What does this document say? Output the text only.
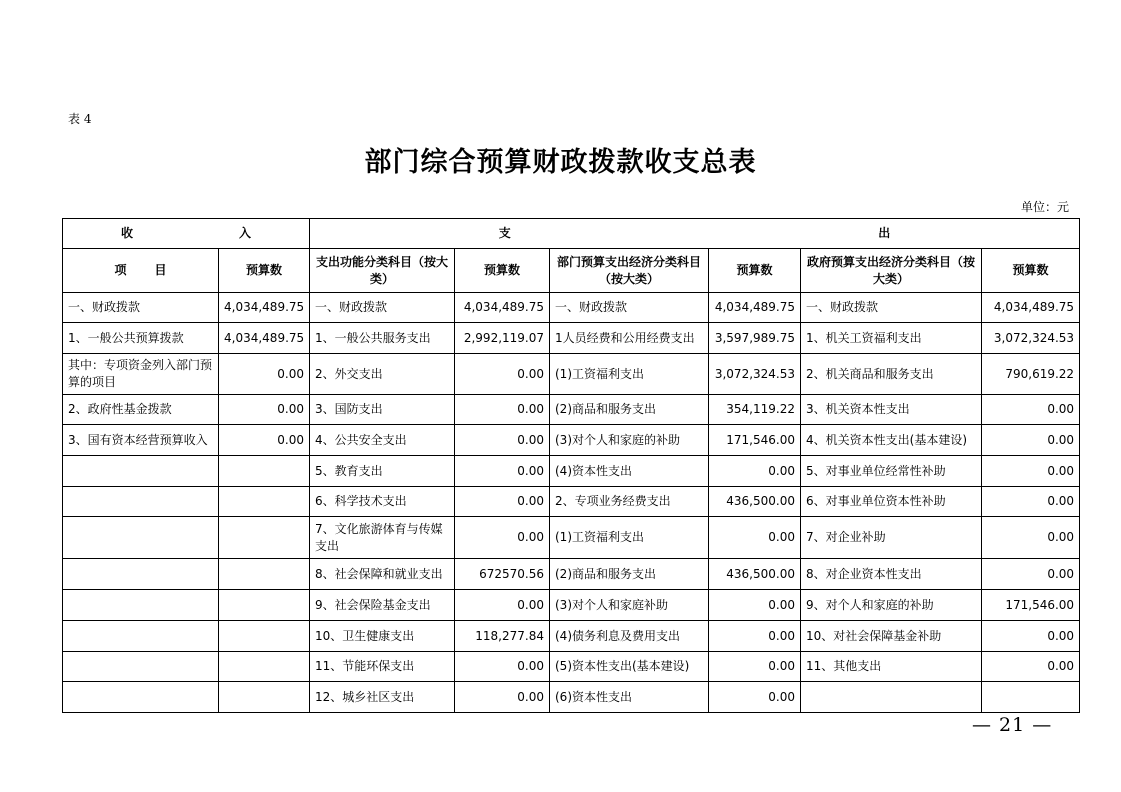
表 4
部门综合预算财政拨款收支总表
单位：元
收 入		支 出					

项 目	预算数	支出功能分类科目（按大类）	预算数	部门预算支出经济分类科目（按大类）	预算数	政府预算支出经济分类科目（按大类）	预算数
一、财政拨款	4,034,489.75	一、财政拨款	4,034,489.75	一、财政拨款	4,034,489.75	一、财政拨款	4,034,489.75
1、一般公共预算拨款	4,034,489.75	1、一般公共服务支出	2,992,119.07	1人员经费和公用经费支出	3,597,989.75	1、机关工资福利支出	3,072,324.53
其中：专项资金列入部门预算的项目	0.00	2、外交支出	0.00	(1)工资福利支出	3,072,324.53	2、机关商品和服务支出	790,619.22
2、政府性基金拨款	0.00	3、国防支出	0.00	(2)商品和服务支出	354,119.22	3、机关资本性支出	0.00
3、国有资本经营预算收入	0.00	4、公共安全支出	0.00	(3)对个人和家庭的补助	171,546.00	4、机关资本性支出(基本建设)	0.00
		5、教育支出	0.00	(4)资本性支出	0.00	5、对事业单位经常性补助	0.00
		6、科学技术支出	0.00	2、专项业务经费支出	436,500.00	6、对事业单位资本性补助	0.00
		7、文化旅游体育与传媒支出	0.00	(1)工资福利支出	0.00	7、对企业补助	0.00
		8、社会保障和就业支出	672570.56	(2)商品和服务支出	436,500.00	8、对企业资本性支出	0.00
		9、社会保险基金支出	0.00	(3)对个人和家庭补助	0.00	9、对个人和家庭的补助	171,546.00
		10、卫生健康支出	118,277.84	(4)债务利息及费用支出	0.00	10、对社会保障基金补助	0.00
		11、节能环保支出	0.00	(5)资本性支出(基本建设)	0.00	11、其他支出	0.00
		12、城乡社区支出	0.00	(6)资本性支出	0.00		
— 21 —
